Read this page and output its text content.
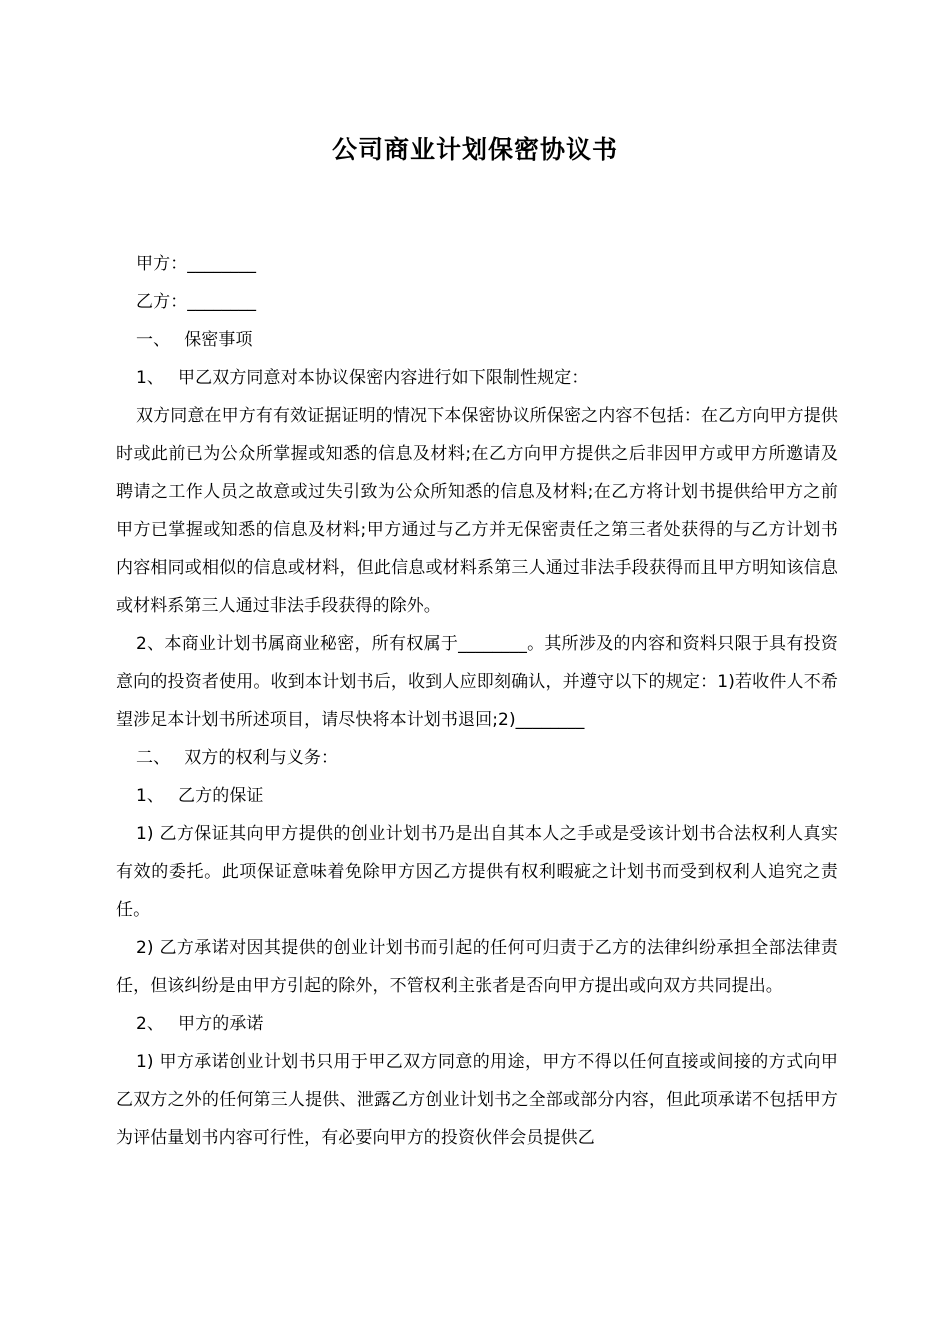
公司商业计划保密协议书

甲方：________

乙方：________

一、 保密事项

1、 甲乙双方同意对本协议保密内容进行如下限制性规定：

双方同意在甲方有有效证据证明的情况下本保密协议所保密之内容不包括：在乙方向甲方提供时或此前已为公众所掌握或知悉的信息及材料;在乙方向甲方提供之后非因甲方或甲方所邀请及聘请之工作人员之故意或过失引致为公众所知悉的信息及材料;在乙方将计划书提供给甲方之前甲方已掌握或知悉的信息及材料;甲方通过与乙方并无保密责任之第三者处获得的与乙方计划书内容相同或相似的信息或材料，但此信息或材料系第三人通过非法手段获得而且甲方明知该信息或材料系第三人通过非法手段获得的除外。

2、本商业计划书属商业秘密，所有权属于________。其所涉及的内容和资料只限于具有投资意向的投资者使用。收到本计划书后，收到人应即刻确认，并遵守以下的规定：1)若收件人不希望涉足本计划书所述项目，请尽快将本计划书退回;2)________

二、 双方的权利与义务：

1、 乙方的保证

1) 乙方保证其向甲方提供的创业计划书乃是出自其本人之手或是受该计划书合法权利人真实有效的委托。此项保证意味着免除甲方因乙方提供有权利暇疵之计划书而受到权利人追究之责任。

2) 乙方承诺对因其提供的创业计划书而引起的任何可归责于乙方的法律纠纷承担全部法律责任，但该纠纷是由甲方引起的除外，不管权利主张者是否向甲方提出或向双方共同提出。

2、 甲方的承诺

1) 甲方承诺创业计划书只用于甲乙双方同意的用途，甲方不得以任何直接或间接的方式向甲乙双方之外的任何第三人提供、泄露乙方创业计划书之全部或部分内容，但此项承诺不包括甲方为评估量划书内容可行性，有必要向甲方的投资伙伴会员提供乙
